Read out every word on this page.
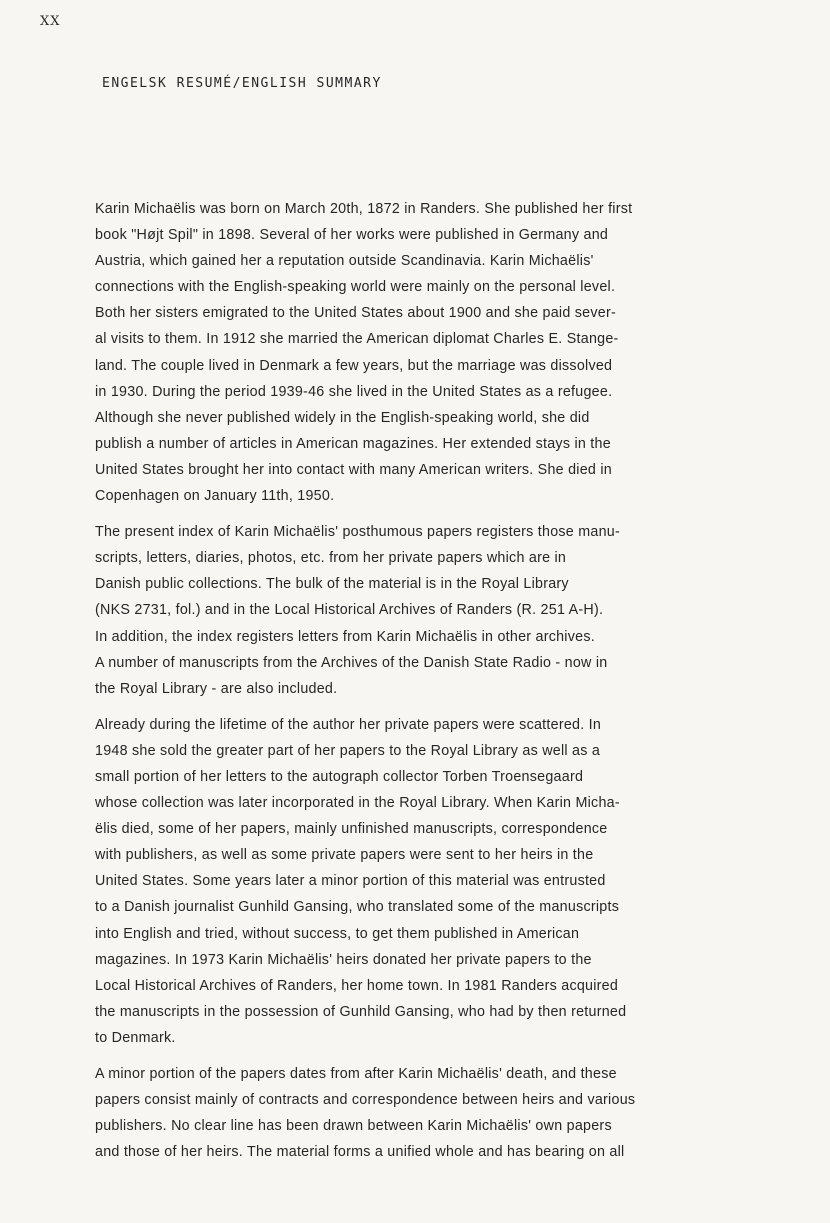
XX
ENGELSK RESUMÉ/ENGLISH SUMMARY

Karin Michaëlis was born on March 20th, 1872 in Randers. She published her first
book "Højt Spil" in 1898. Several of her works were published in Germany and
Austria, which gained her a reputation outside Scandinavia. Karin Michaëlis'
connections with the English-speaking world were mainly on the personal level.
Both her sisters emigrated to the United States about 1900 and she paid sever-
al visits to them. In 1912 she married the American diplomat Charles E. Stange-
land. The couple lived in Denmark a few years, but the marriage was dissolved
in 1930. During the period 1939-46 she lived in the United States as a refugee.
Although she never published widely in the English-speaking world, she did
publish a number of articles in American magazines. Her extended stays in the
United States brought her into contact with many American writers. She died in
Copenhagen on January 11th, 1950.

The present index of Karin Michaëlis' posthumous papers registers those manu-
scripts, letters, diaries, photos, etc. from her private papers which are in
Danish public collections. The bulk of the material is in the Royal Library
(NKS 2731, fol.) and in the Local Historical Archives of Randers (R. 251 A-H).
In addition, the index registers letters from Karin Michaëlis in other archives.
A number of manuscripts from the Archives of the Danish State Radio - now in
the Royal Library - are also included.

Already during the lifetime of the author her private papers were scattered. In
1948 she sold the greater part of her papers to the Royal Library as well as a
small portion of her letters to the autograph collector Torben Troensegaard
whose collection was later incorporated in the Royal Library. When Karin Micha-
ëlis died, some of her papers, mainly unfinished manuscripts, correspondence
with publishers, as well as some private papers were sent to her heirs in the
United States. Some years later a minor portion of this material was entrusted
to a Danish journalist Gunhild Gansing, who translated some of the manuscripts
into English and tried, without success, to get them published in American
magazines. In 1973 Karin Michaëlis' heirs donated her private papers to the
Local Historical Archives of Randers, her home town. In 1981 Randers acquired
the manuscripts in the possession of Gunhild Gansing, who had by then returned
to Denmark.

A minor portion of the papers dates from after Karin Michaëlis' death, and these
papers consist mainly of contracts and correspondence between heirs and various
publishers. No clear line has been drawn between Karin Michaëlis' own papers
and those of her heirs. The material forms a unified whole and has bearing on all
